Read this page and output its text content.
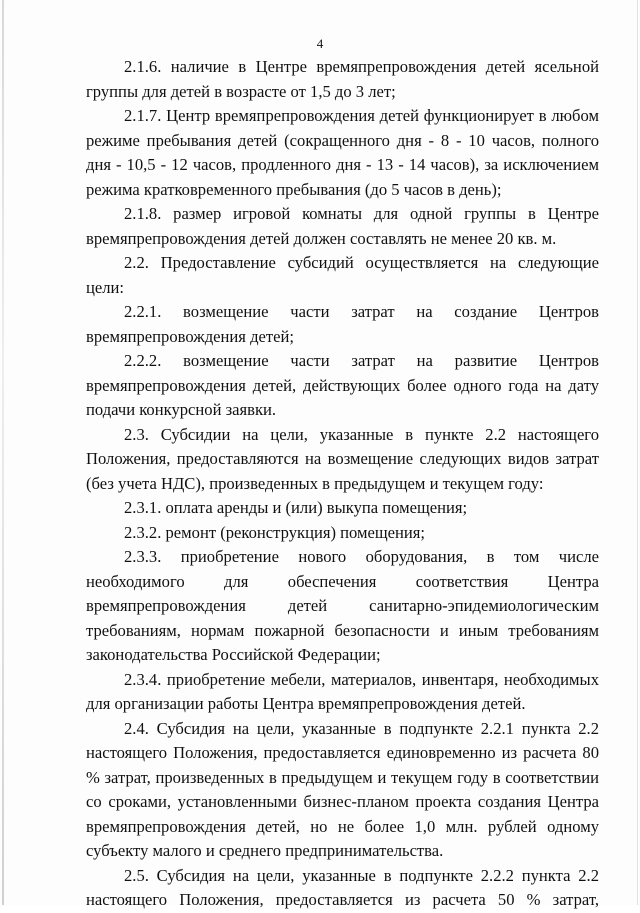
4

2.1.6. наличие в Центре времяпрепровождения детей ясельной группы для детей в возрасте от 1,5 до 3 лет;

2.1.7. Центр времяпрепровождения детей функционирует в любом режиме пребывания детей (сокращенного дня - 8 - 10 часов, полного дня - 10,5 - 12 часов, продленного дня - 13 - 14 часов), за исключением режима кратковременного пребывания (до 5 часов в день);

2.1.8. размер игровой комнаты для одной группы в Центре времяпрепровождения детей должен составлять не менее 20 кв. м.

2.2. Предоставление субсидий осуществляется на следующие цели:

2.2.1. возмещение части затрат на создание Центров времяпрепровождения детей;

2.2.2. возмещение части затрат на развитие Центров времяпрепровождения детей, действующих более одного года на дату подачи конкурсной заявки.

2.3. Субсидии на цели, указанные в пункте 2.2 настоящего Положения, предоставляются на возмещение следующих видов затрат (без учета НДС), произведенных в предыдущем и текущем году:

2.3.1. оплата аренды и (или) выкупа помещения;

2.3.2. ремонт (реконструкция) помещения;

2.3.3. приобретение нового оборудования, в том числе необходимого для обеспечения соответствия Центра времяпрепровождения детей санитарно-эпидемиологическим требованиям, нормам пожарной безопасности и иным требованиям законодательства Российской Федерации;

2.3.4. приобретение мебели, материалов, инвентаря, необходимых для организации работы Центра времяпрепровождения детей.

2.4. Субсидия на цели, указанные в подпункте 2.2.1 пункта 2.2 настоящего Положения, предоставляется единовременно из расчета 80 % затрат, произведенных в предыдущем и текущем году в соответствии со сроками, установленными бизнес-планом проекта создания Центра времяпрепровождения детей, но не более 1,0 млн. рублей одному субъекту малого и среднего предпринимательства.

2.5. Субсидия на цели, указанные в подпункте 2.2.2 пункта 2.2 настоящего Положения, предоставляется из расчета 50 % затрат,
